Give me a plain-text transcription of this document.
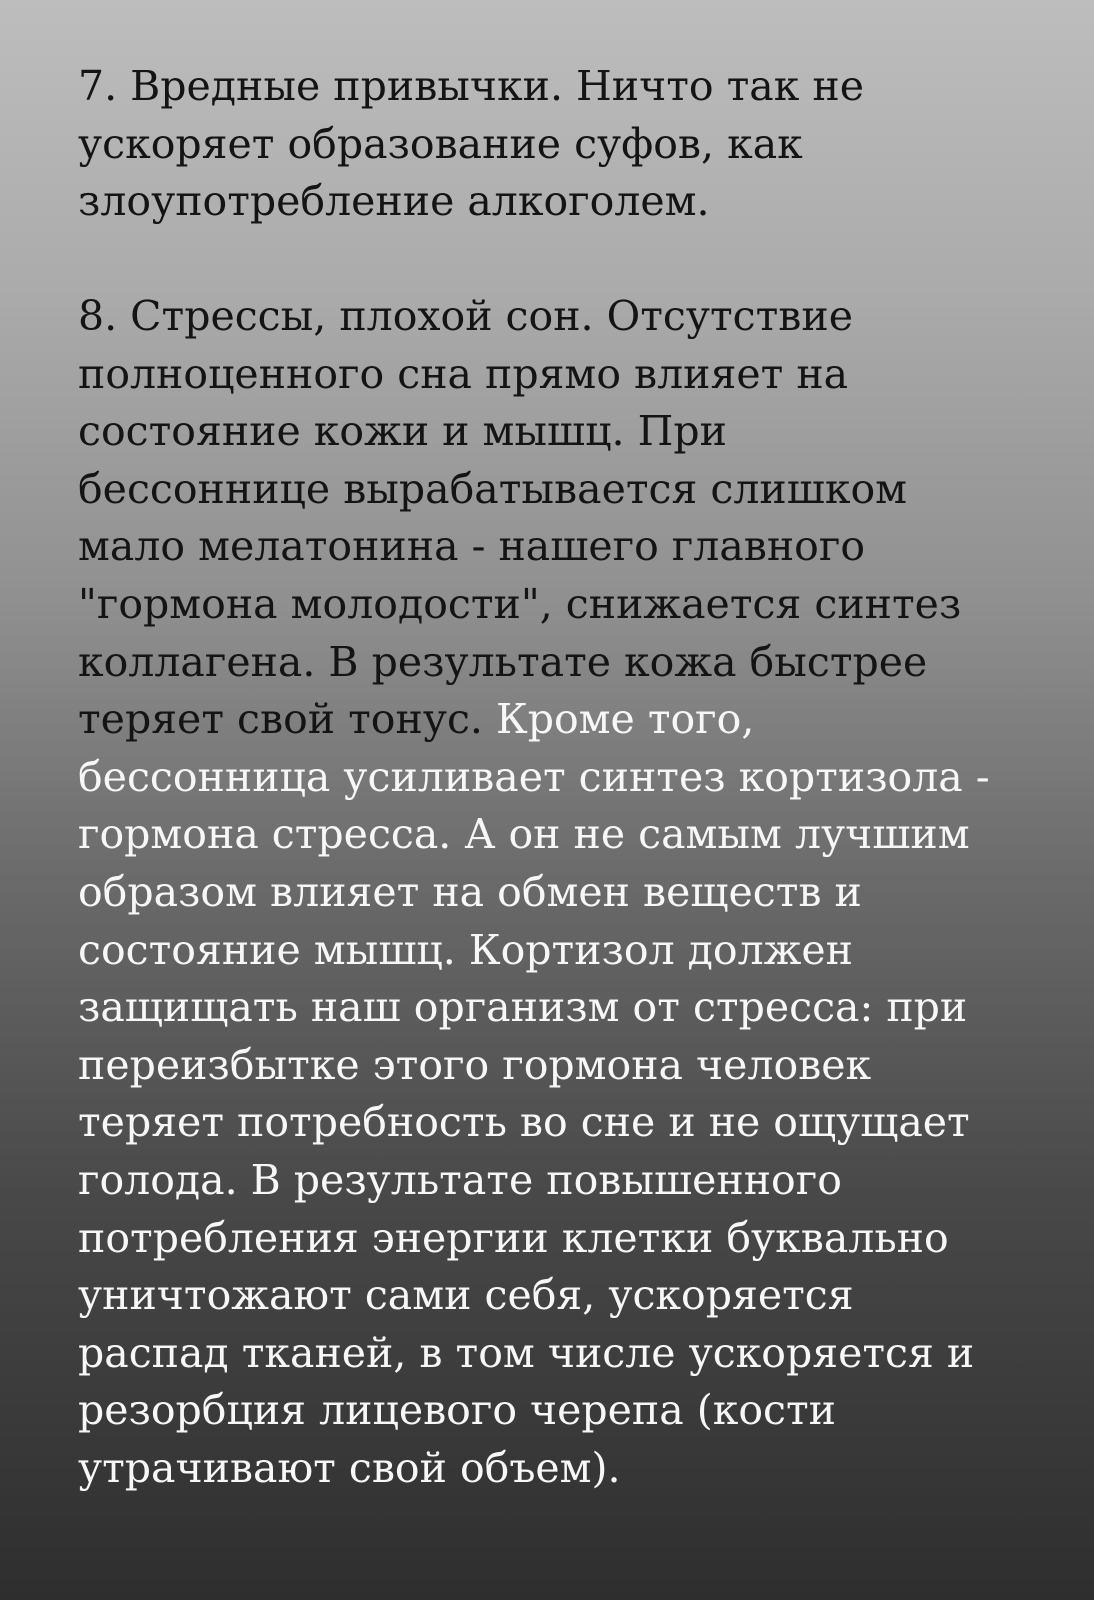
7. Вредные привычки. Ничто так не
ускоряет образование суфов, как
злоупотребление алкоголем.

8. Стрессы, плохой сон. Отсутствие
полноценного сна прямо влияет на
состояние кожи и мышц. При
бессоннице вырабатывается слишком
мало мелатонина - нашего главного
"гормона молодости", снижается синтез
коллагена. В результате кожа быстрее
теряет свой тонус. Кроме того,
бессонница усиливает синтез кортизола -
гормона стресса. А он не самым лучшим
образом влияет на обмен веществ и
состояние мышц. Кортизол должен
защищать наш организм от стресса: при
переизбытке этого гормона человек
теряет потребность во сне и не ощущает
голода. В результате повышенного
потребления энергии клетки буквально
уничтожают сами себя, ускоряется
распад тканей, в том числе ускоряется и
резорбция лицевого черепа (кости
утрачивают свой объем).
